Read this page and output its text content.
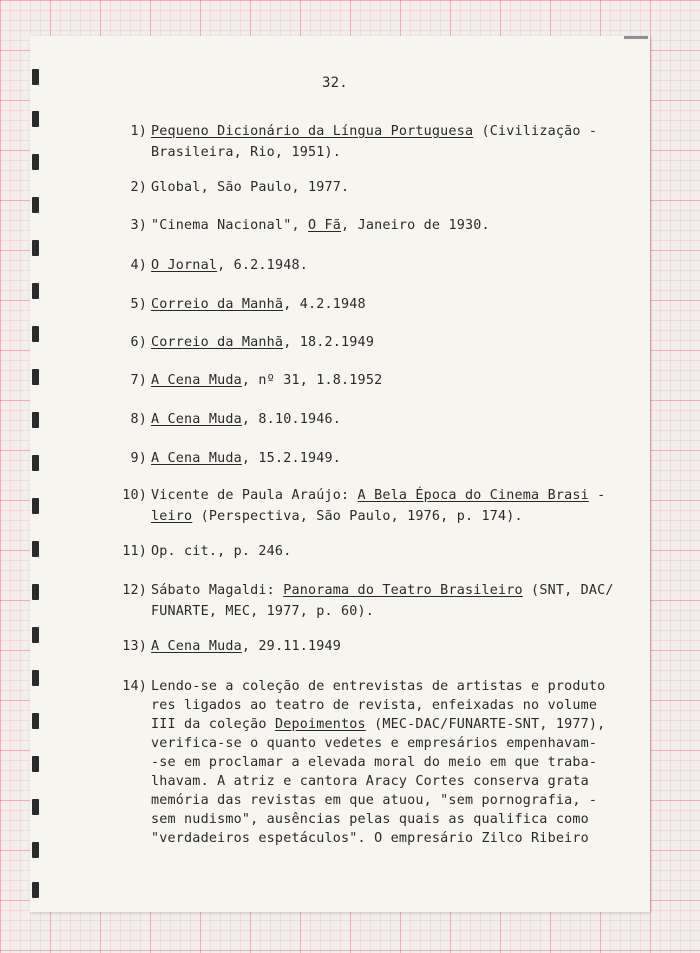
32.
1) Pequeno Dicionário da Língua Portuguesa (Civilização -
Brasileira, Rio, 1951).
2) Global, São Paulo, 1977.
3) "Cinema Nacional", O Fã, Janeiro de 1930.
4) O Jornal, 6.2.1948.
5) Correio da Manhã, 4.2.1948
6) Correio da Manhã, 18.2.1949
7) A Cena Muda, nº 31, 1.8.1952
8) A Cena Muda, 8.10.1946.
9) A Cena Muda, 15.2.1949.
10) Vicente de Paula Araújo: A Bela Época do Cinema Brasi -
leiro (Perspectiva, São Paulo, 1976, p. 174).
11) Op. cit., p. 246.
12) Sábato Magaldi: Panorama do Teatro Brasileiro (SNT, DAC/
FUNARTE, MEC, 1977, p. 60).
13) A Cena Muda, 29.11.1949
14) Lendo-se a coleção de entrevistas de artistas e produto
res ligados ao teatro de revista, enfeixadas no volume
III da coleção Depoimentos (MEC-DAC/FUNARTE-SNT, 1977),
verifica-se o quanto vedetes e empresários empenhavam-
-se em proclamar a elevada moral do meio em que traba-
lhavam. A atriz e cantora Aracy Cortes conserva grata
memória das revistas em que atuou, "sem pornografia, -
sem nudismo", ausências pelas quais as qualifica como
"verdadeiros espetáculos". O empresário Zilco Ribeiro
